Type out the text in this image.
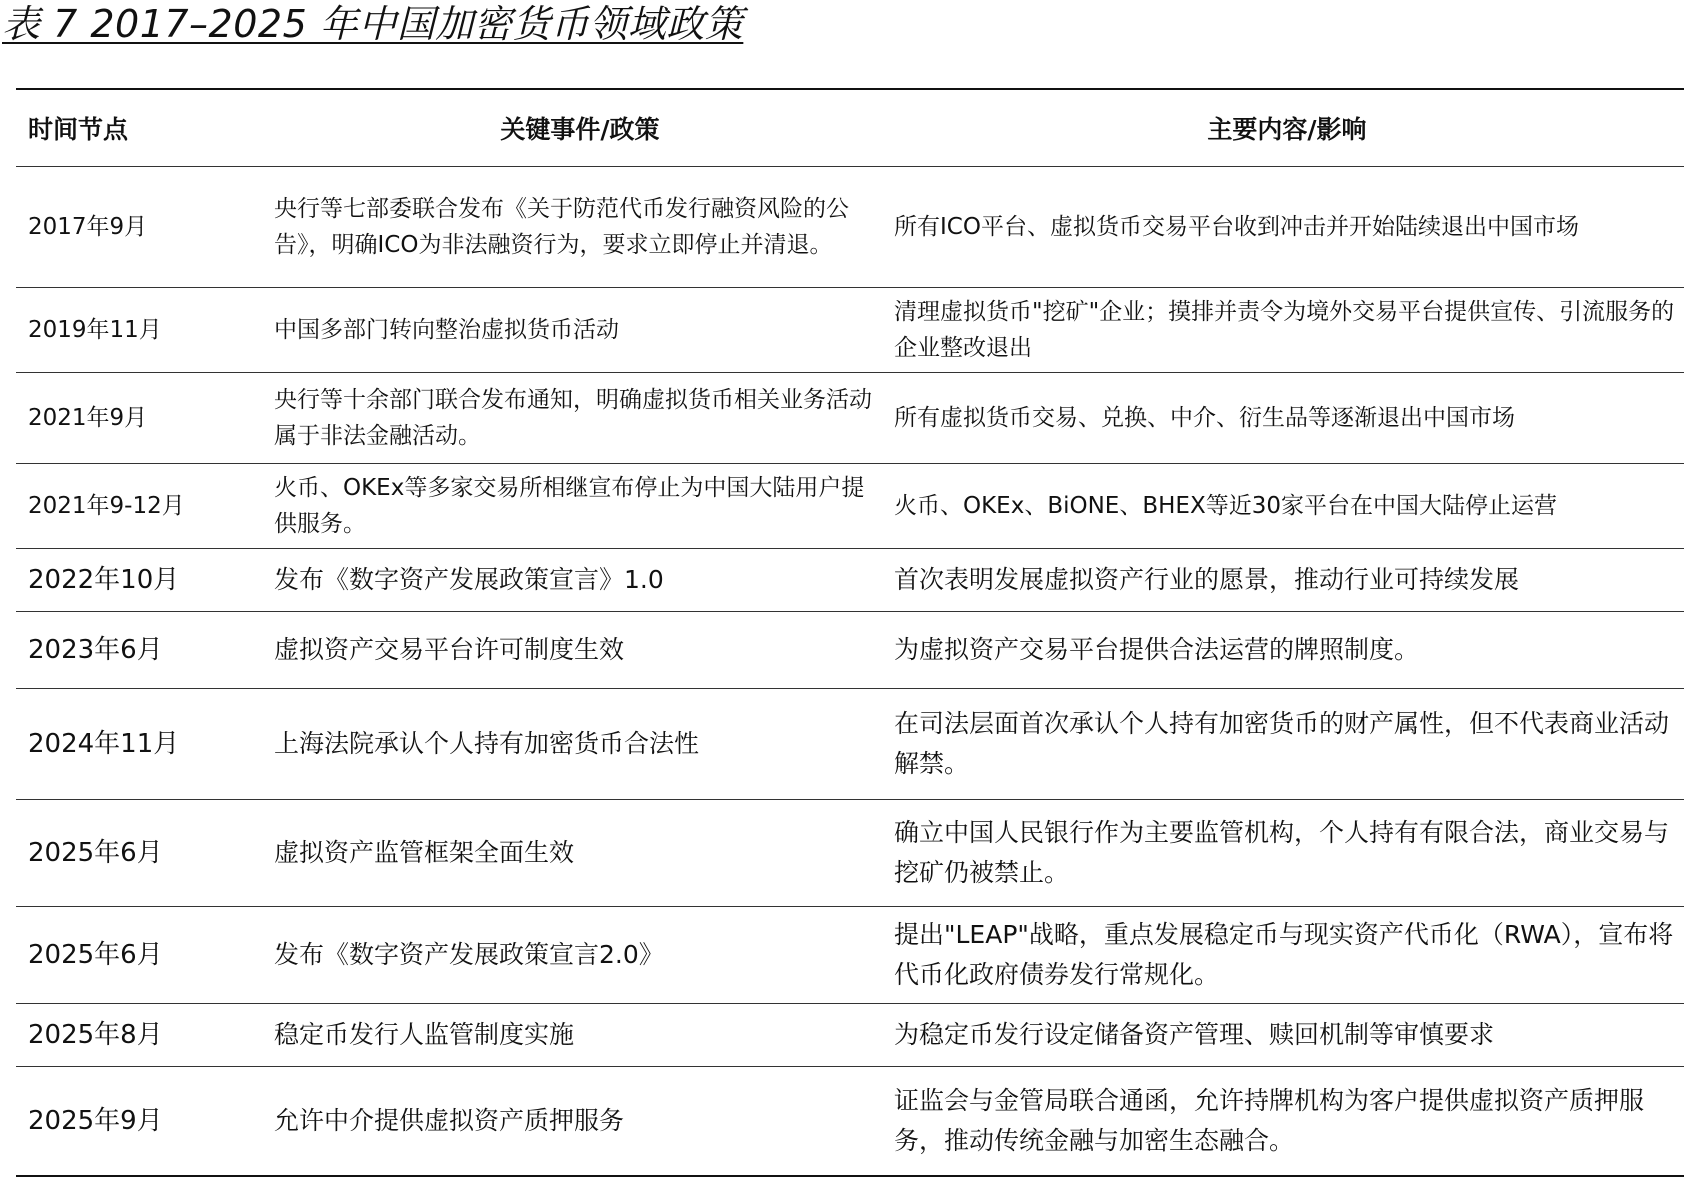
表 7 2017–2025 年中国加密货币领域政策
时间节点	关键事件/政策	主要内容/影响
2017年9月	央行等七部委联合发布《关于防范代币发行融资风险的公告》，明确ICO为非法融资行为，要求立即停止并清退。	所有ICO平台、虚拟货币交易平台收到冲击并开始陆续退出中国市场
2019年11月	中国多部门转向整治虚拟货币活动	清理虚拟货币"挖矿"企业；摸排并责令为境外交易平台提供宣传、引流服务的企业整改退出
2021年9月	央行等十余部门联合发布通知，明确虚拟货币相关业务活动属于非法金融活动。	所有虚拟货币交易、兑换、中介、衍生品等逐渐退出中国市场
2021年9-12月	火币、OKEx等多家交易所相继宣布停止为中国大陆用户提供服务。	火币、OKEx、BiONE、BHEX等近30家平台在中国大陆停止运营
2022年10月	发布《数字资产发展政策宣言》1.0	首次表明发展虚拟资产行业的愿景，推动行业可持续发展

2023年6月	虚拟资产交易平台许可制度生效	为虚拟资产交易平台提供合法运营的牌照制度。
2024年11月	上海法院承认个人持有加密货币合法性	在司法层面首次承认个人持有加密货币的财产属性，但不代表商业活动解禁。
2025年6月	虚拟资产监管框架全面生效	确立中国人民银行作为主要监管机构，个人持有有限合法，商业交易与挖矿仍被禁止。
2025年6月	发布《数字资产发展政策宣言2.0》	提出"LEAP"战略，重点发展稳定币与现实资产代币化（RWA），宣布将代币化政府债券发行常规化。
2025年8月	稳定币发行人监管制度实施	为稳定币发行设定储备资产管理、赎回机制等审慎要求
2025年9月	允许中介提供虚拟资产质押服务	证监会与金管局联合通函，允许持牌机构为客户提供虚拟资产质押服务，推动传统金融与加密生态融合。
